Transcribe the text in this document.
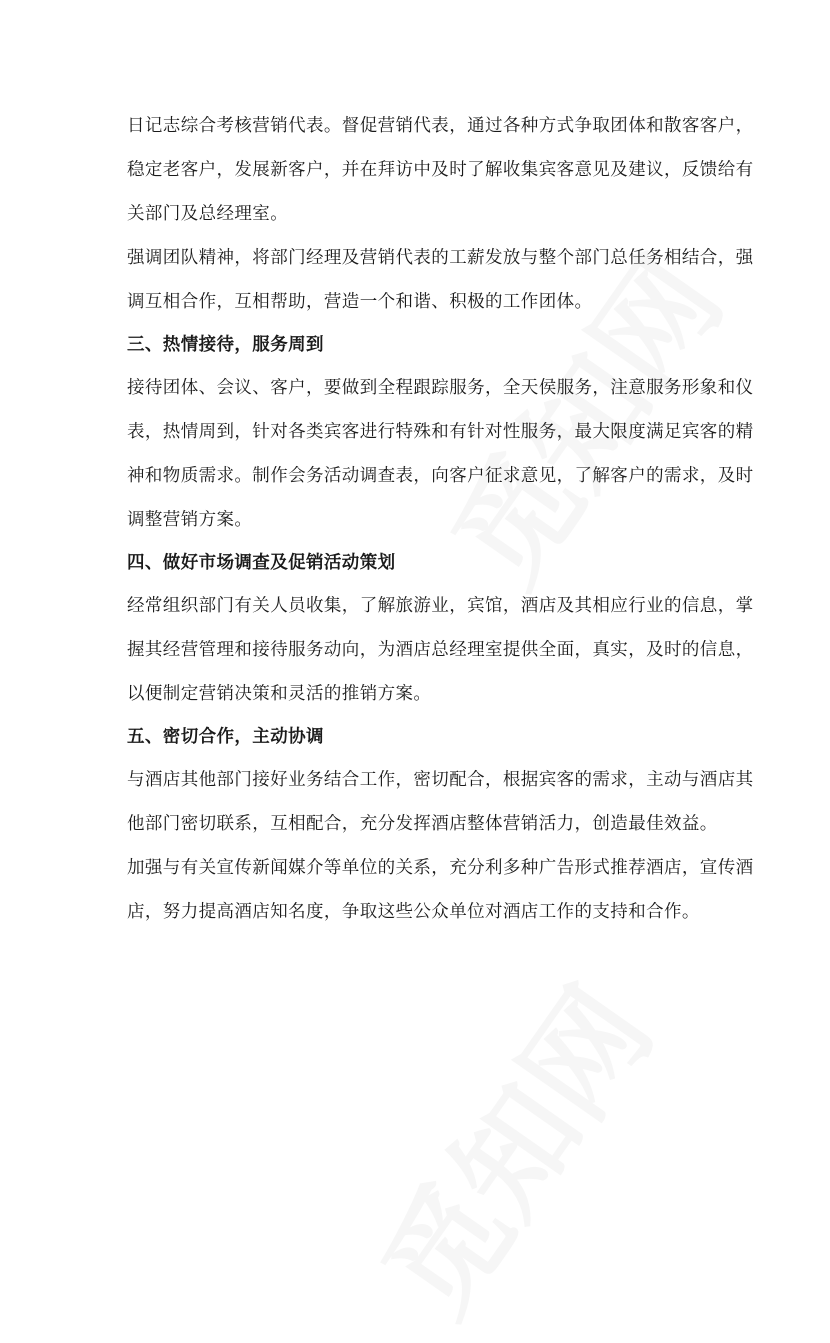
日记志综合考核营销代表。督促营销代表，通过各种方式争取团体和散客客户，
稳定老客户，发展新客户，并在拜访中及时了解收集宾客意见及建议，反馈给有
关部门及总经理室。
强调团队精神，将部门经理及营销代表的工薪发放与整个部门总任务相结合，强
调互相合作，互相帮助，营造一个和谐、积极的工作团体。
三、热情接待，服务周到
接待团体、会议、客户，要做到全程跟踪服务，全天侯服务，注意服务形象和仪
表，热情周到，针对各类宾客进行特殊和有针对性服务，最大限度满足宾客的精
神和物质需求。制作会务活动调查表，向客户征求意见，了解客户的需求，及时
调整营销方案。
四、做好市场调查及促销活动策划
经常组织部门有关人员收集，了解旅游业，宾馆，酒店及其相应行业的信息，掌
握其经营管理和接待服务动向，为酒店总经理室提供全面，真实，及时的信息，
以便制定营销决策和灵活的推销方案。
五、密切合作，主动协调
与酒店其他部门接好业务结合工作，密切配合，根据宾客的需求，主动与酒店其
他部门密切联系，互相配合，充分发挥酒店整体营销活力，创造最佳效益。
加强与有关宣传新闻媒介等单位的关系，充分利多种广告形式推荐酒店，宣传酒
店，努力提高酒店知名度，争取这些公众单位对酒店工作的支持和合作。
